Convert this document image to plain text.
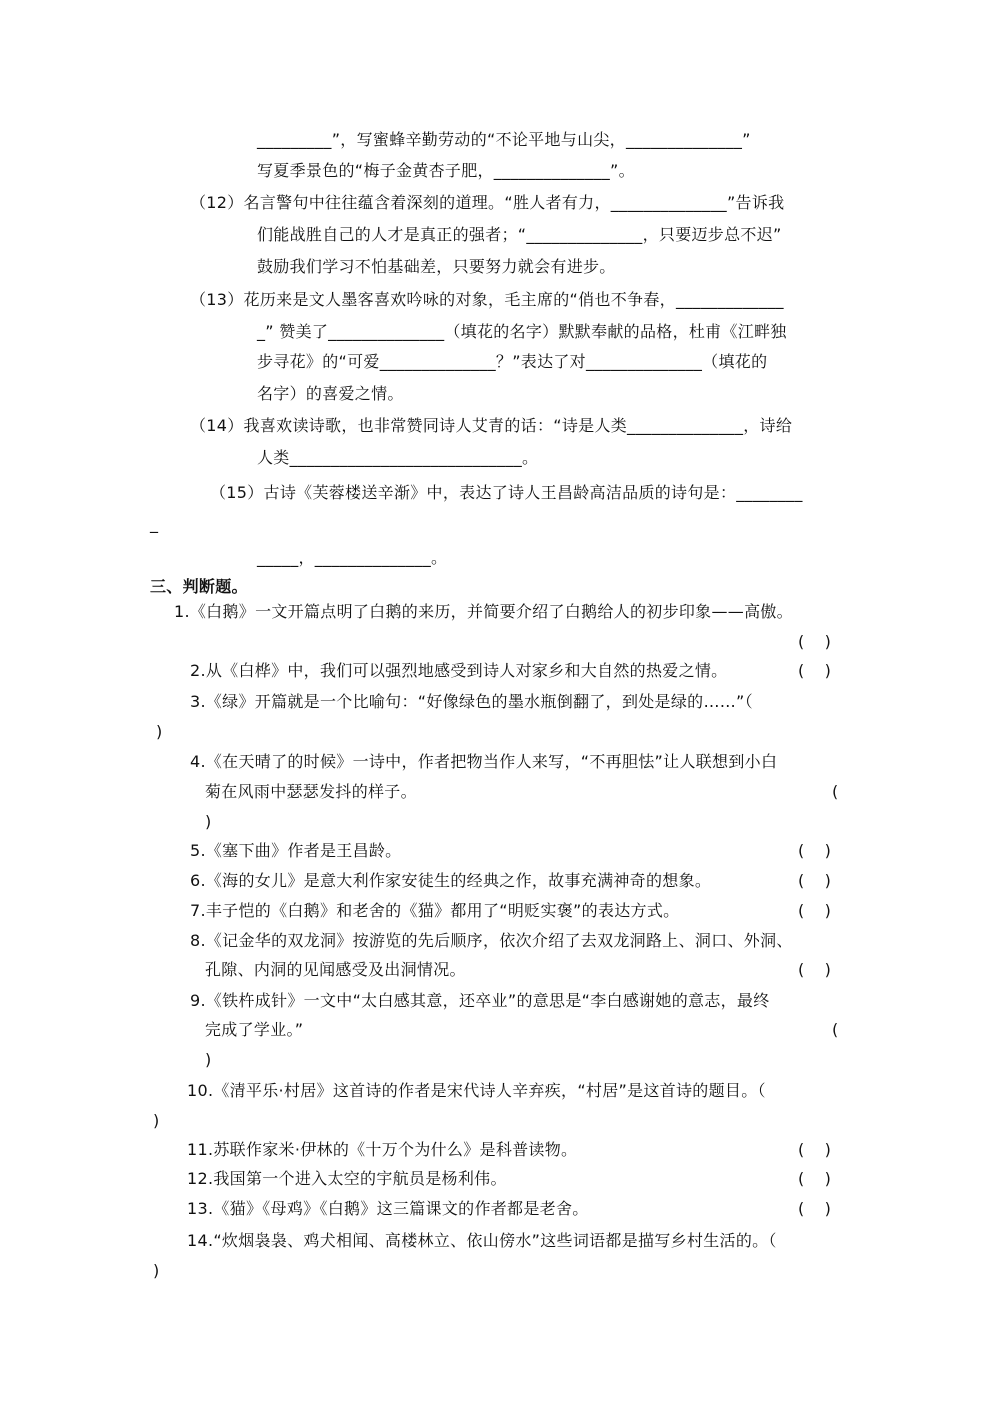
_________”，写蜜蜂辛勤劳动的“不论平地与山尖，______________”
写夏季景色的“梅子金黄杏子肥，______________”。
（12）名言警句中往往蕴含着深刻的道理。“胜人者有力，______________”告诉我
们能战胜自己的人才是真正的强者；“______________，只要迈步总不迟”
鼓励我们学习不怕基础差，只要努力就会有进步。
（13）花历来是文人墨客喜欢吟咏的对象，毛主席的“俏也不争春，_____________
_” 赞美了______________（填花的名字）默默奉献的品格，杜甫《江畔独
步寻花》的“可爱______________？”表达了对______________（填花的
名字）的喜爱之情。
（14）我喜欢读诗歌，也非常赞同诗人艾青的话：“诗是人类______________，诗给
人类____________________________。
（15）古诗《芙蓉楼送辛渐》中，表达了诗人王昌龄高洁品质的诗句是：________
_
_____，______________。
三、判断题。
1.《白鹅》一文开篇点明了白鹅的来历，并简要介绍了白鹅给人的初步印象——高傲。
(    )
2.从《白桦》中，我们可以强烈地感受到诗人对家乡和大自然的热爱之情。	(    )
3.《绿》开篇就是一个比喻句：“好像绿色的墨水瓶倒翻了，到处是绿的……”（
)
4.《在天晴了的时候》一诗中，作者把物当作人来写，“不再胆怯”让人联想到小白
菊在风雨中瑟瑟发抖的样子。	(
)
5.《塞下曲》作者是王昌龄。	(    )
6.《海的女儿》是意大利作家安徒生的经典之作，故事充满神奇的想象。	(    )
7.丰子恺的《白鹅》和老舍的《猫》都用了“明贬实褒”的表达方式。	(    )
8.《记金华的双龙洞》按游览的先后顺序，依次介绍了去双龙洞路上、洞口、外洞、
孔隙、内洞的见闻感受及出洞情况。	(    )
9.《铁杵成针》一文中“太白感其意，还卒业”的意思是“李白感谢她的意志，最终
完成了学业。”	(
)
10.《清平乐·村居》这首诗的作者是宋代诗人辛弃疾，“村居”是这首诗的题目。（
)
11.苏联作家米·伊林的《十万个为什么》是科普读物。	(    )
12.我国第一个进入太空的宇航员是杨利伟。	(    )
13.《猫》《母鸡》《白鹅》这三篇课文的作者都是老舍。	(    )
14.“炊烟袅袅、鸡犬相闻、高楼林立、依山傍水”这些词语都是描写乡村生活的。（
)
